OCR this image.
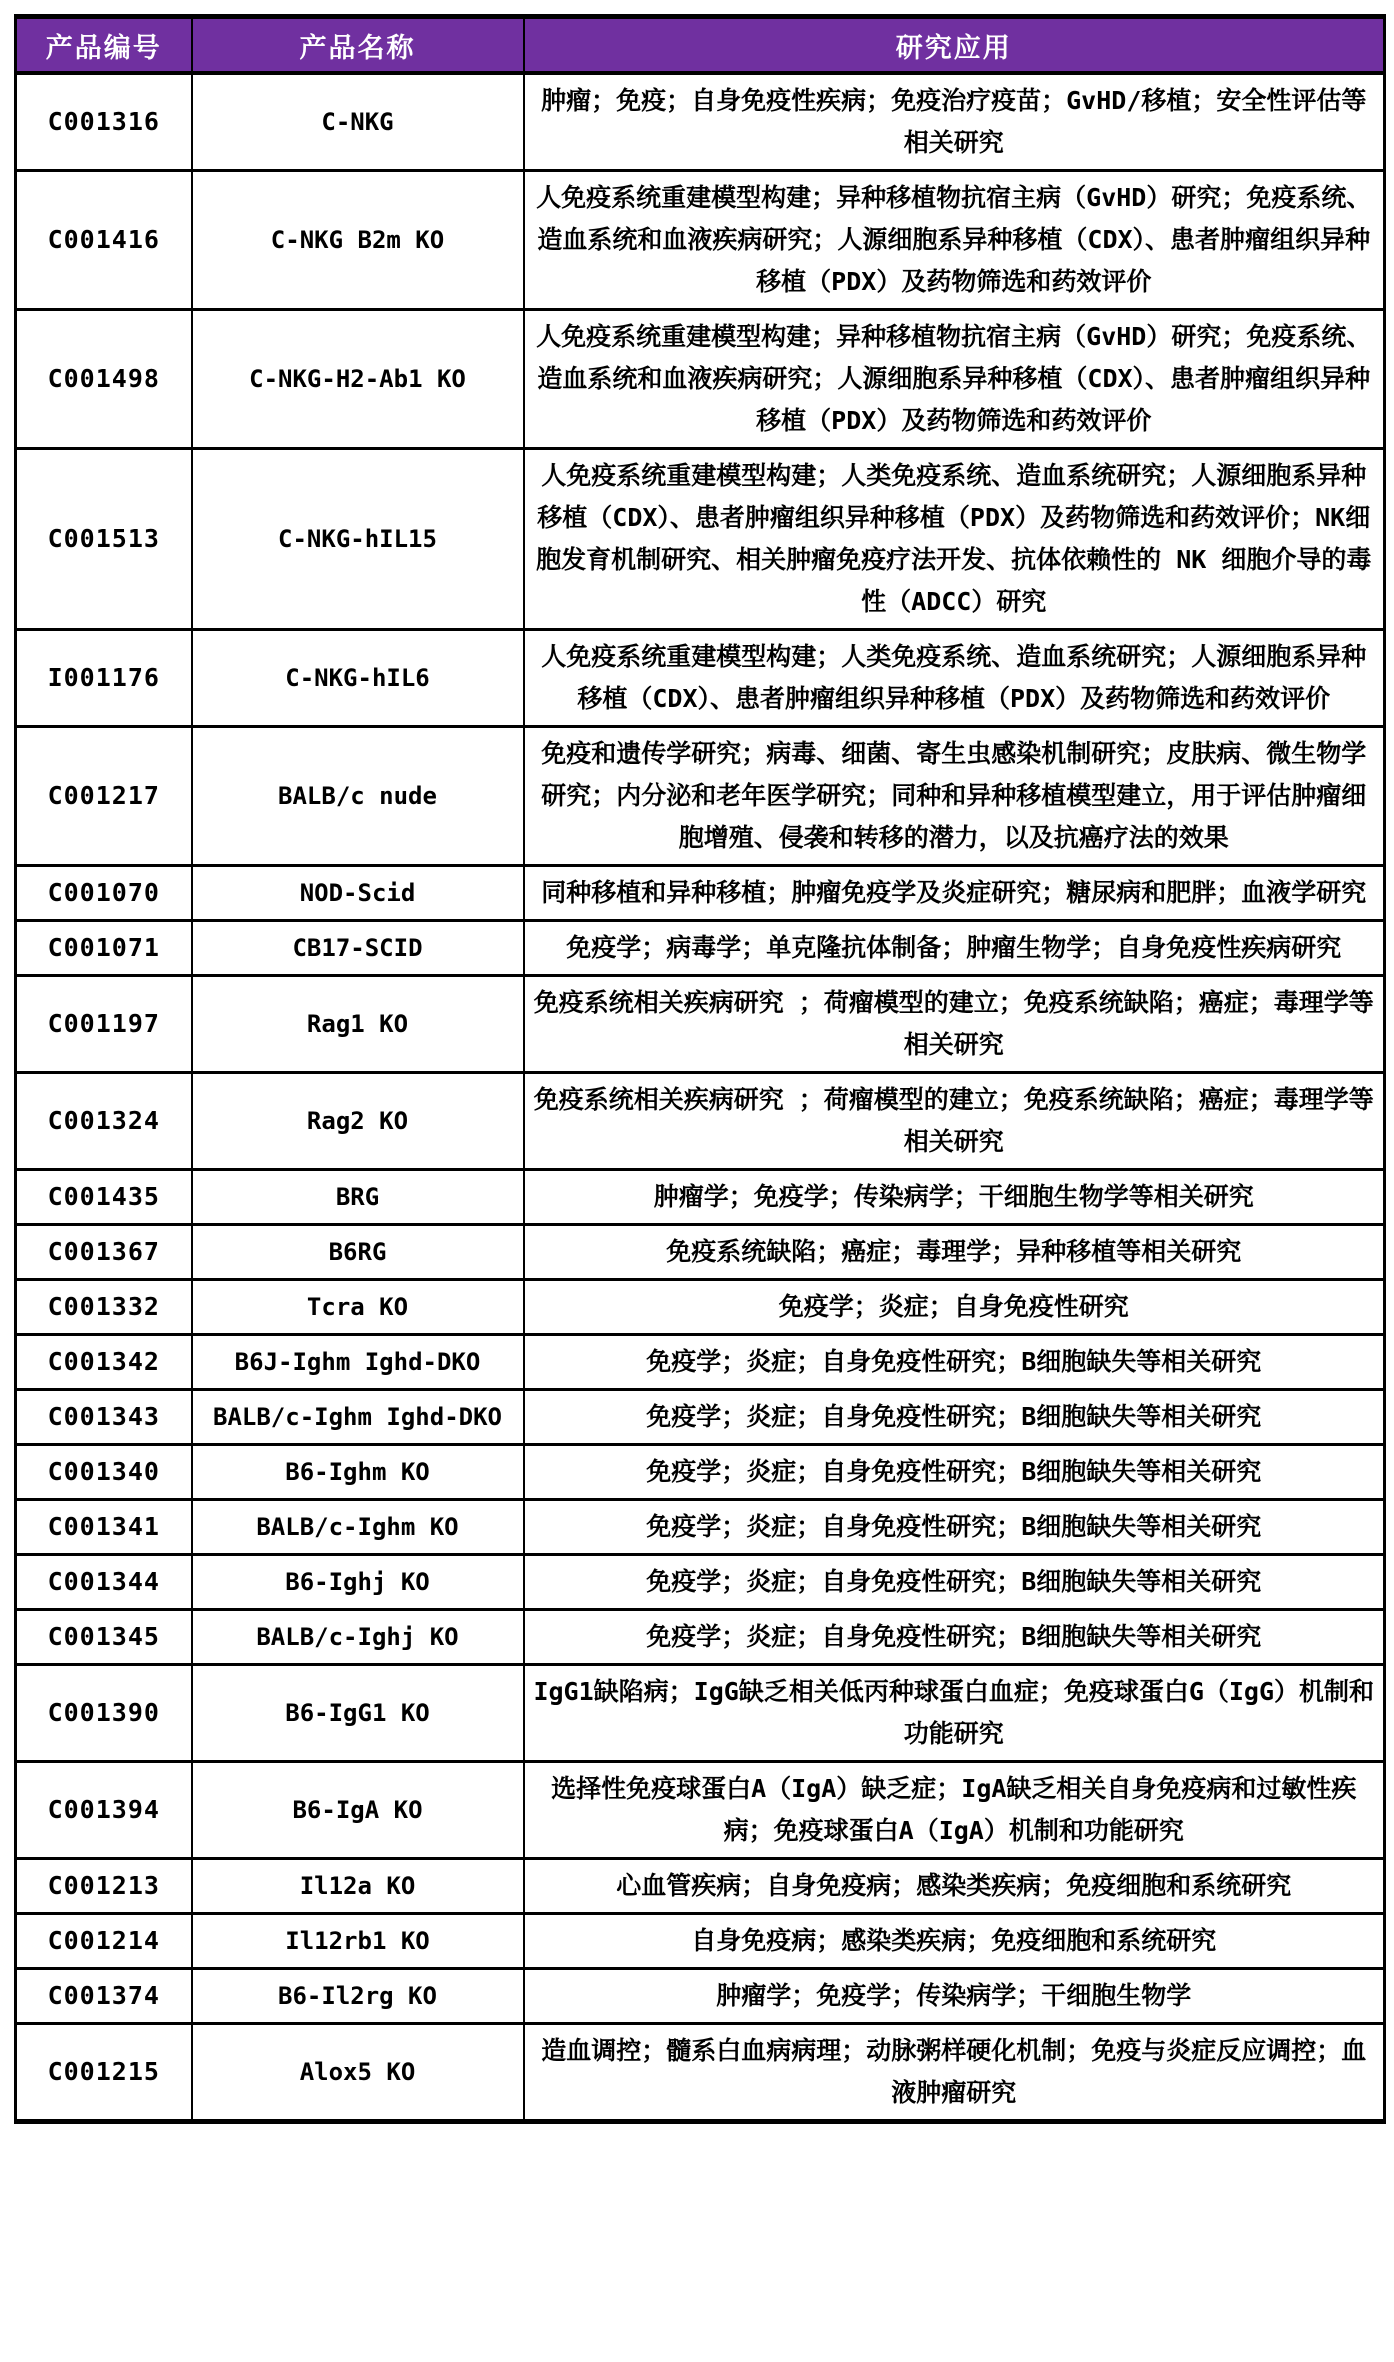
产品编号	产品名称	研究应用
C001316	C-NKG	肿瘤；免疫；自身免疫性疾病；免疫治疗疫苗；GvHD/移植；安全性评估等相关研究
C001416	C-NKG B2m KO	人免疫系统重建模型构建；异种移植物抗宿主病（GvHD）研究；免疫系统、造血系统和血液疾病研究；人源细胞系异种移植（CDX）、患者肿瘤组织异种移植（PDX）及药物筛选和药效评价
C001498	C-NKG-H2-Ab1 KO	人免疫系统重建模型构建；异种移植物抗宿主病（GvHD）研究；免疫系统、造血系统和血液疾病研究；人源细胞系异种移植（CDX）、患者肿瘤组织异种移植（PDX）及药物筛选和药效评价
C001513	C-NKG-hIL15	人免疫系统重建模型构建；人类免疫系统、造血系统研究；人源细胞系异种移植（CDX）、患者肿瘤组织异种移植（PDX）及药物筛选和药效评价；NK细胞发育机制研究、相关肿瘤免疫疗法开发、抗体依赖性的 NK 细胞介导的毒性（ADCC）研究
I001176	C-NKG-hIL6	人免疫系统重建模型构建；人类免疫系统、造血系统研究；人源细胞系异种移植（CDX）、患者肿瘤组织异种移植（PDX）及药物筛选和药效评价
C001217	BALB/c nude	免疫和遗传学研究；病毒、细菌、寄生虫感染机制研究；皮肤病、微生物学研究；内分泌和老年医学研究；同种和异种移植模型建立，用于评估肿瘤细胞增殖、侵袭和转移的潜力，以及抗癌疗法的效果
C001070	NOD-Scid	同种移植和异种移植；肿瘤免疫学及炎症研究；糖尿病和肥胖；血液学研究
C001071	CB17-SCID	免疫学；病毒学；单克隆抗体制备；肿瘤生物学；自身免疫性疾病研究
C001197	Rag1 KO	免疫系统相关疾病研究 ；荷瘤模型的建立；免疫系统缺陷；癌症；毒理学等相关研究
C001324	Rag2 KO	免疫系统相关疾病研究 ；荷瘤模型的建立；免疫系统缺陷；癌症；毒理学等相关研究
C001435	BRG	肿瘤学；免疫学；传染病学；干细胞生物学等相关研究
C001367	B6RG	免疫系统缺陷；癌症；毒理学；异种移植等相关研究
C001332	Tcra KO	免疫学；炎症；自身免疫性研究
C001342	B6J-Ighm Ighd-DKO	免疫学；炎症；自身免疫性研究；B细胞缺失等相关研究
C001343	BALB/c-Ighm Ighd-DKO	免疫学；炎症；自身免疫性研究；B细胞缺失等相关研究
C001340	B6-Ighm KO	免疫学；炎症；自身免疫性研究；B细胞缺失等相关研究
C001341	BALB/c-Ighm KO	免疫学；炎症；自身免疫性研究；B细胞缺失等相关研究
C001344	B6-Ighj KO	免疫学；炎症；自身免疫性研究；B细胞缺失等相关研究
C001345	BALB/c-Ighj KO	免疫学；炎症；自身免疫性研究；B细胞缺失等相关研究
C001390	B6-IgG1 KO	IgG1缺陷病；IgG缺乏相关低丙种球蛋白血症；免疫球蛋白G（IgG）机制和功能研究
C001394	B6-IgA KO	选择性免疫球蛋白A（IgA）缺乏症；IgA缺乏相关自身免疫病和过敏性疾病；免疫球蛋白A（IgA）机制和功能研究
C001213	Il12a KO	心血管疾病；自身免疫病；感染类疾病；免疫细胞和系统研究
C001214	Il12rb1 KO	自身免疫病；感染类疾病；免疫细胞和系统研究
C001374	B6-Il2rg KO	肿瘤学；免疫学；传染病学；干细胞生物学
C001215	Alox5 KO	造血调控；髓系白血病病理；动脉粥样硬化机制；免疫与炎症反应调控；血液肿瘤研究
